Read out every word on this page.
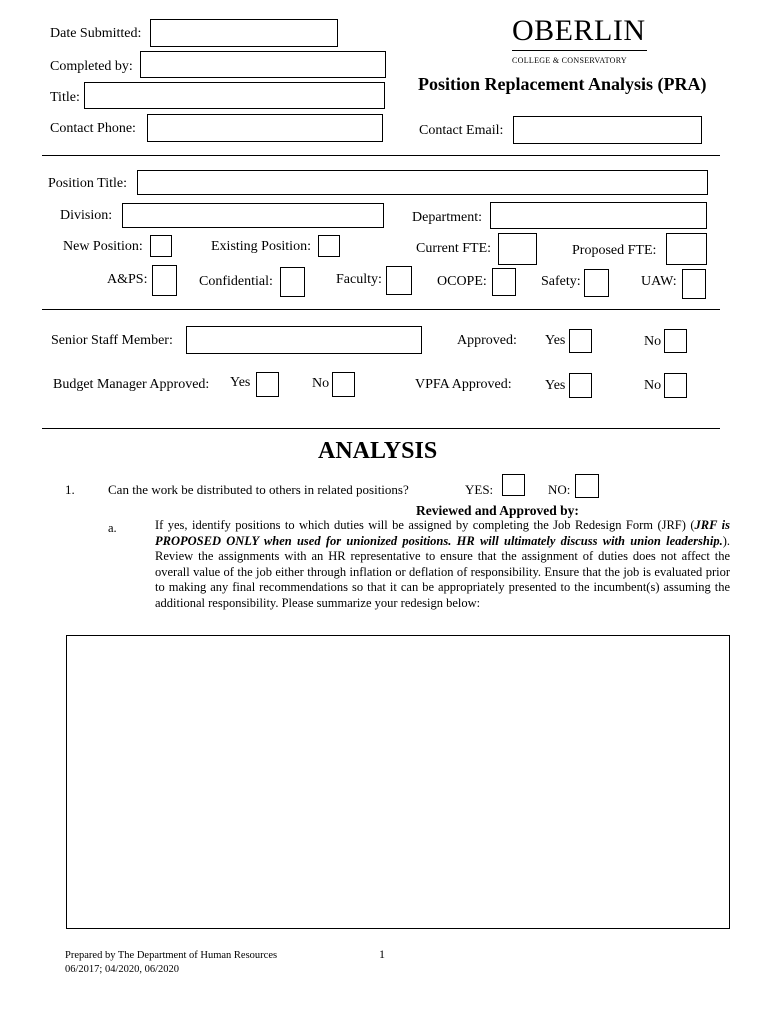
Date Submitted:
Completed by:
Title:
Contact Phone:
OBERLIN
COLLEGE & CONSERVATORY
Position Replacement Analysis (PRA)
Contact Email:
Position Title:
Division:	Department:
New Position:	Existing Position:	Current FTE:	Proposed FTE:
A&PS:	Confidential:	Faculty:	OCOPE:	Safety:	UAW:
Senior Staff Member:	Approved: Yes	No
Budget Manager Approved: Yes	No	VPFA Approved: Yes	No
ANALYSIS
1.	Can the work be distributed to others in related positions?	YES:	NO:
Reviewed and Approved by:
a.	If yes, identify positions to which duties will be assigned by completing the Job Redesign Form (JRF) (JRF is PROPOSED ONLY when used for unionized positions. HR will ultimately discuss with union leadership.). Review the assignments with an HR representative to ensure that the assignment of duties does not affect the overall value of the job either through inflation or deflation of responsibility. Ensure that the job is evaluated prior to making any final recommendations so that it can be appropriately presented to the incumbent(s) assuming the additional responsibility. Please summarize your redesign below:
Prepared by The Department of Human Resources	1
06/2017; 04/2020, 06/2020
